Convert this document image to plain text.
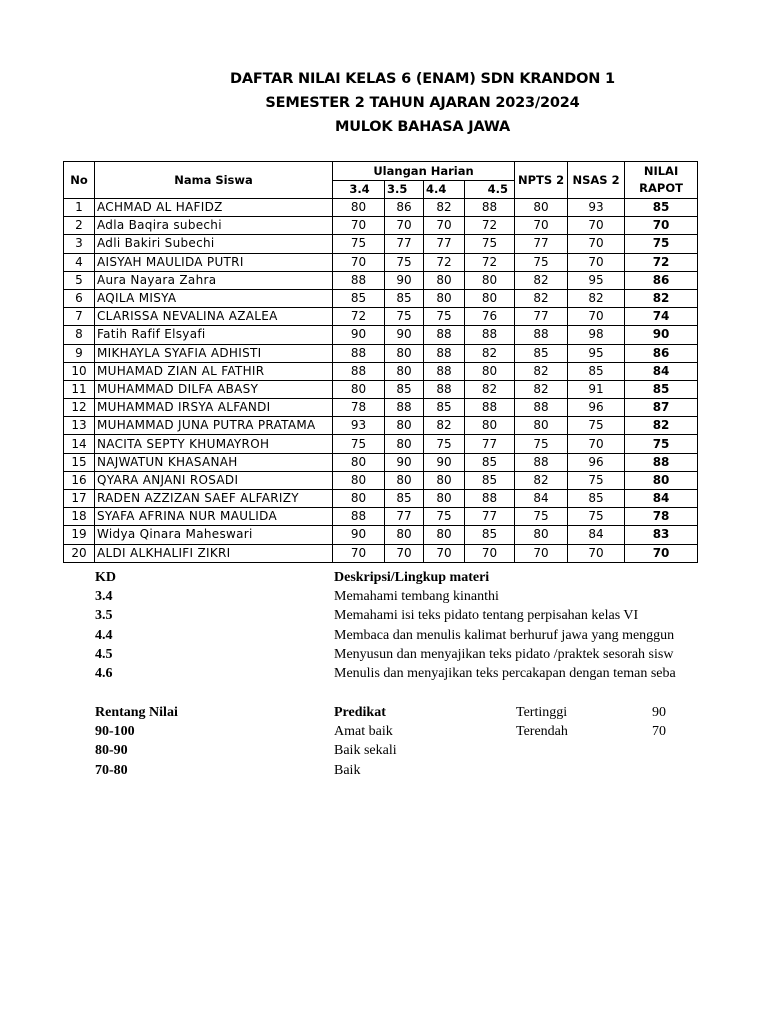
DAFTAR NILAI KELAS 6 (ENAM) SDN KRANDON 1
SEMESTER 2 TAHUN AJARAN 2023/2024
MULOK BAHASA JAWA
No	Nama Siswa	Ulangan Harian				NPTS 2	NSAS 2	NILAI
RAPOT

		3.4	3.5	4.4	4.5			
1	ACHMAD AL HAFIDZ	80	86	82	88	80	93	85
2	Adla Baqira subechi	70	70	70	72	70	70	70
3	Adli Bakiri Subechi	75	77	77	75	77	70	75
4	AISYAH MAULIDA PUTRI	70	75	72	72	75	70	72
5	Aura Nayara Zahra	88	90	80	80	82	95	86
6	AQILA MISYA	85	85	80	80	82	82	82
7	CLARISSA NEVALINA AZALEA	72	75	75	76	77	70	74
8	Fatih Rafif Elsyafi	90	90	88	88	88	98	90
9	MIKHAYLA SYAFIA ADHISTI	88	80	88	82	85	95	86
10	MUHAMAD ZIAN AL FATHIR	88	80	88	80	82	85	84
11	MUHAMMAD DILFA ABASY	80	85	88	82	82	91	85
12	MUHAMMAD IRSYA ALFANDI	78	88	85	88	88	96	87
13	MUHAMMAD JUNA PUTRA PRATAMA	93	80	82	80	80	75	82
14	NACITA SEPTY KHUMAYROH	75	80	75	77	75	70	75
15	NAJWATUN KHASANAH	80	90	90	85	88	96	88
16	QYARA ANJANI ROSADI	80	80	80	85	82	75	80
17	RADEN AZZIZAN SAEF ALFARIZY	80	85	80	88	84	85	84
18	SYAFA AFRINA NUR MAULIDA	88	77	75	77	75	75	78
19	Widya Qinara Maheswari	90	80	80	85	80	84	83
20	ALDI ALKHALIFI ZIKRI	70	70	70	70	70	70	70
KD	Deskripsi/Lingkup materi
3.4	Memahami tembang kinanthi
3.5	Memahami isi teks pidato tentang perpisahan kelas VI
4.4	Membaca dan menulis kalimat berhuruf jawa yang menggun
4.5	Menyusun dan menyajikan teks pidato /praktek sesorah sisw
4.6	Menulis dan menyajikan teks percakapan dengan teman seba
Rentang Nilai	Predikat	Tertinggi	90
90-100	Amat baik	Terendah	70
80-90	Baik sekali
70-80	Baik
